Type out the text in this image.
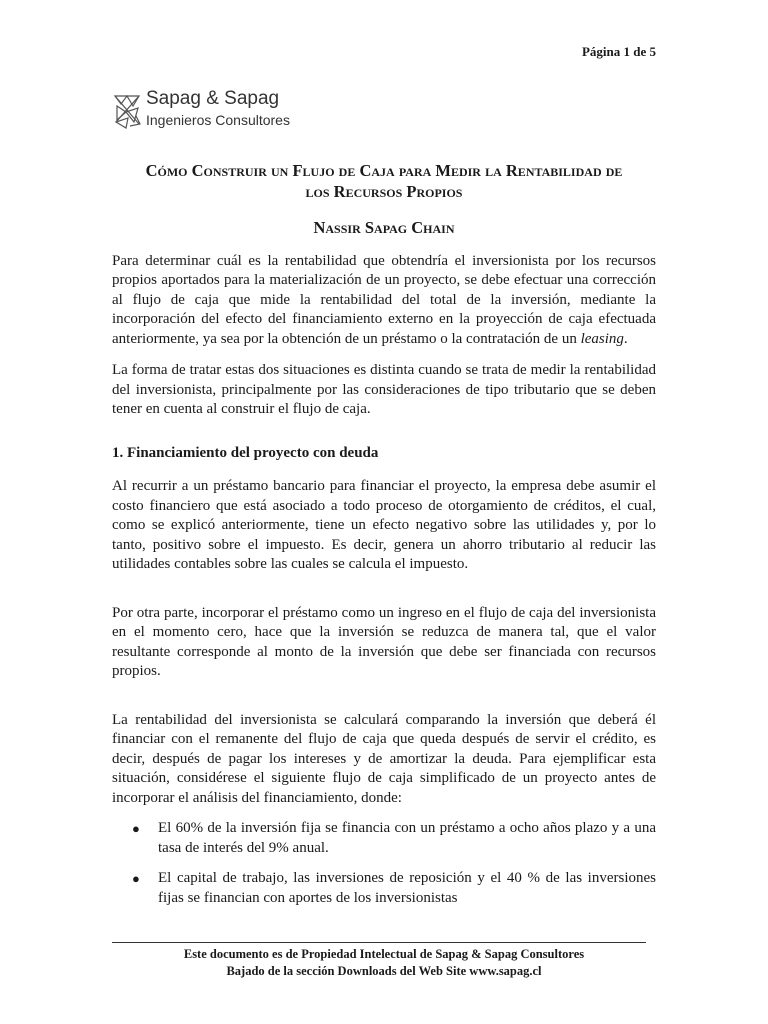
Página 1 de 5
Sapag & Sapag
Ingenieros Consultores
Cómo Construir un Flujo de Caja para Medir la Rentabilidad de
los Recursos Propios
Nassir Sapag Chain

Para determinar cuál es la rentabilidad que obtendría el inversionista por los recursos propios aportados para la materialización de un proyecto, se debe efectuar una corrección al flujo de caja que mide la rentabilidad del total de la inversión, mediante la incorporación del efecto del financiamiento externo en la proyección de caja efectuada anteriormente, ya sea por la obtención de un préstamo o la contratación de un leasing.

La forma de tratar estas dos situaciones es distinta cuando se trata de medir la rentabilidad del inversionista, principalmente por las consideraciones de tipo tributario que se deben tener en cuenta al construir el flujo de caja.

1. Financiamiento del proyecto con deuda

Al recurrir a un préstamo bancario para financiar el proyecto, la empresa debe asumir el costo financiero que está asociado a todo proceso de otorgamiento de créditos, el cual, como se explicó anteriormente, tiene un efecto negativo sobre las utilidades y, por lo tanto, positivo sobre el impuesto. Es decir, genera un ahorro tributario al reducir las utilidades contables sobre las cuales se calcula el impuesto.

Por otra parte, incorporar el préstamo como un ingreso en el flujo de caja del inversionista en el momento cero, hace que la inversión se reduzca de manera tal, que el valor resultante corresponde al monto de la inversión que debe ser financiada con recursos propios.

La rentabilidad del inversionista se calculará comparando la inversión que deberá él financiar con el remanente del flujo de caja que queda después de servir el crédito, es decir, después de pagar los intereses y de amortizar la deuda. Para ejemplificar esta situación, considérese el siguiente flujo de caja simplificado de un proyecto antes de incorporar el análisis del financiamiento, donde:

● El 60% de la inversión fija se financia con un préstamo a ocho años plazo y a una tasa de interés del 9% anual.
● El capital de trabajo, las inversiones de reposición y el 40 % de las inversiones fijas se financian con aportes de los inversionistas
Este documento es de Propiedad Intelectual de Sapag & Sapag Consultores
Bajado de la sección Downloads del Web Site www.sapag.cl
